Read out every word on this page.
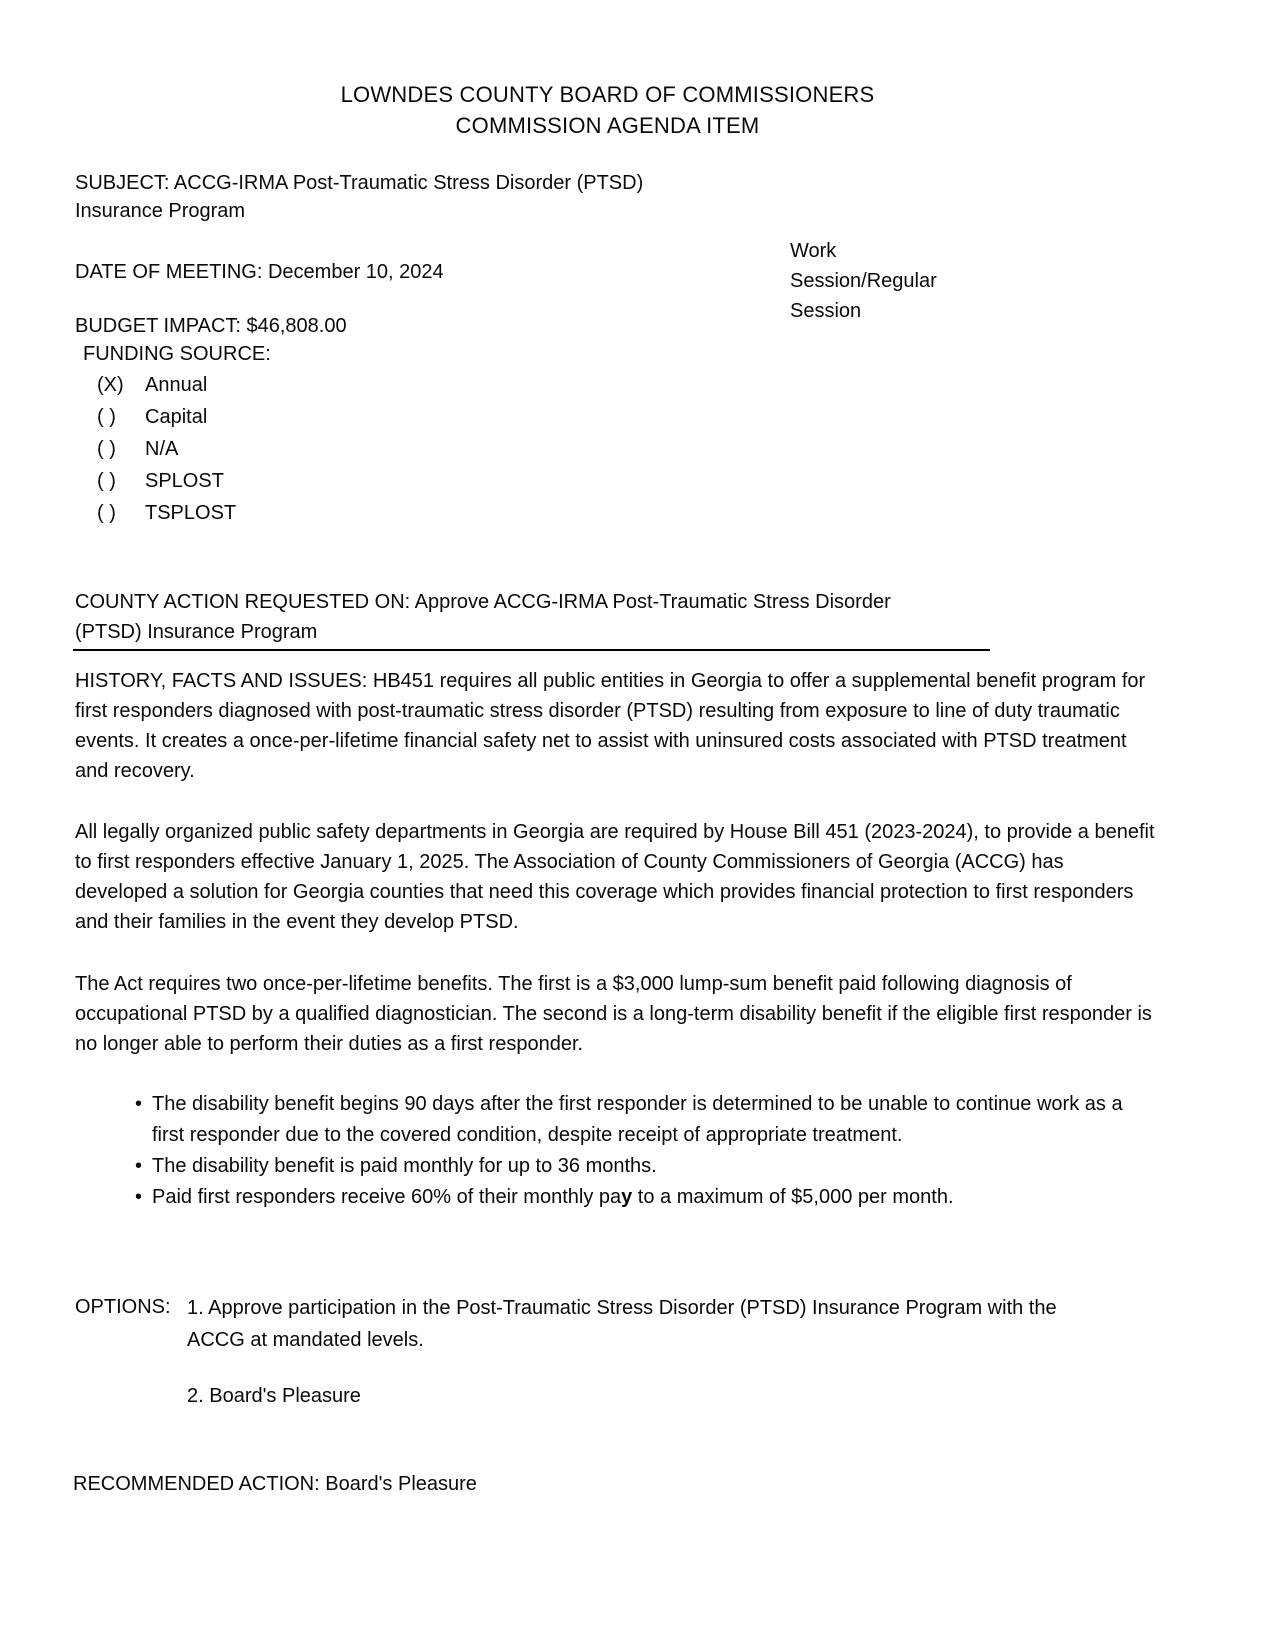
LOWNDES COUNTY BOARD OF COMMISSIONERS
COMMISSION AGENDA ITEM
SUBJECT: ACCG-IRMA Post-Traumatic Stress Disorder (PTSD) Insurance Program
Work
Session/Regular
Session
DATE OF MEETING: December 10, 2024
BUDGET IMPACT: $46,808.00
FUNDING SOURCE:
(X) Annual
( ) Capital
( ) N/A
( ) SPLOST
( ) TSPLOST
COUNTY ACTION REQUESTED ON: Approve ACCG-IRMA Post-Traumatic Stress Disorder (PTSD) Insurance Program
HISTORY, FACTS AND ISSUES: HB451 requires all public entities in Georgia to offer a supplemental benefit program for first responders diagnosed with post-traumatic stress disorder (PTSD) resulting from exposure to line of duty traumatic events. It creates a once-per-lifetime financial safety net to assist with uninsured costs associated with PTSD treatment and recovery.
All legally organized public safety departments in Georgia are required by House Bill 451 (2023-2024), to provide a benefit to first responders effective January 1, 2025. The Association of County Commissioners of Georgia (ACCG) has developed a solution for Georgia counties that need this coverage which provides financial protection to first responders and their families in the event they develop PTSD.
The Act requires two once-per-lifetime benefits. The first is a $3,000 lump-sum benefit paid following diagnosis of occupational PTSD by a qualified diagnostician. The second is a long-term disability benefit if the eligible first responder is no longer able to perform their duties as a first responder.
• The disability benefit begins 90 days after the first responder is determined to be unable to continue work as a first responder due to the covered condition, despite receipt of appropriate treatment.
• The disability benefit is paid monthly for up to 36 months.
• Paid first responders receive 60% of their monthly pay to a maximum of $5,000 per month.
OPTIONS: 1. Approve participation in the Post-Traumatic Stress Disorder (PTSD) Insurance Program with the ACCG at mandated levels.
2. Board's Pleasure
RECOMMENDED ACTION: Board's Pleasure
